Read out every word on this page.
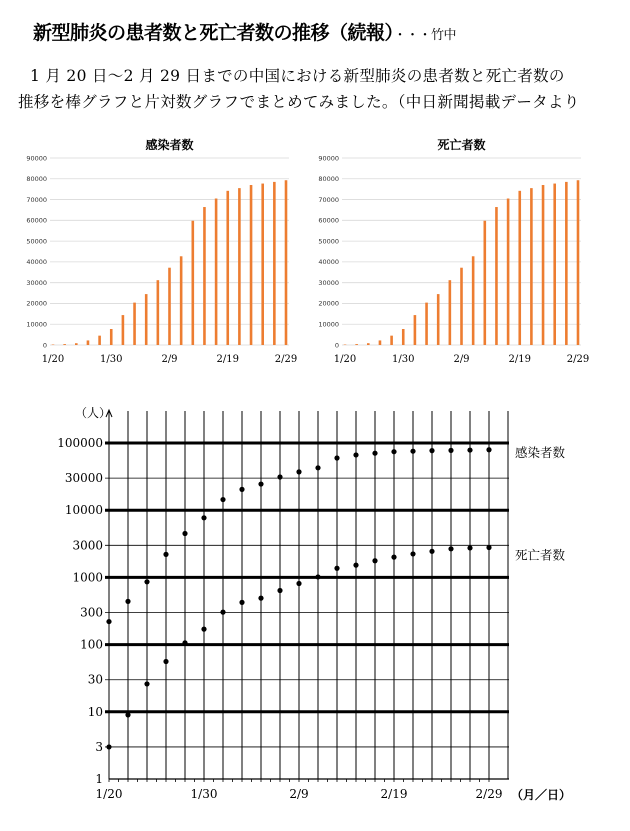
新型肺炎の患者数と死亡者数の推移（続報）・・・竹中
1 月 20 日～2 月 29 日までの中国における新型肺炎の患者数と死亡者数の
推移を棒グラフと片対数グラフでまとめてみました。（中日新聞掲載データより
感染者数
0
10000
20000
30000
40000
50000
60000
70000
80000
90000
1/20	1/30	2/9	2/19	2/29
死亡者数
0
10000
20000
30000
40000
50000
60000
70000
80000
90000
1/20	1/30	2/9	2/19	2/29
1
3
10
30
100
300
1000
3000
10000
30000
100000
1/20	1/30	2/9	2/19	2/29
（人）
（月／日）
感染者数
死亡者数
